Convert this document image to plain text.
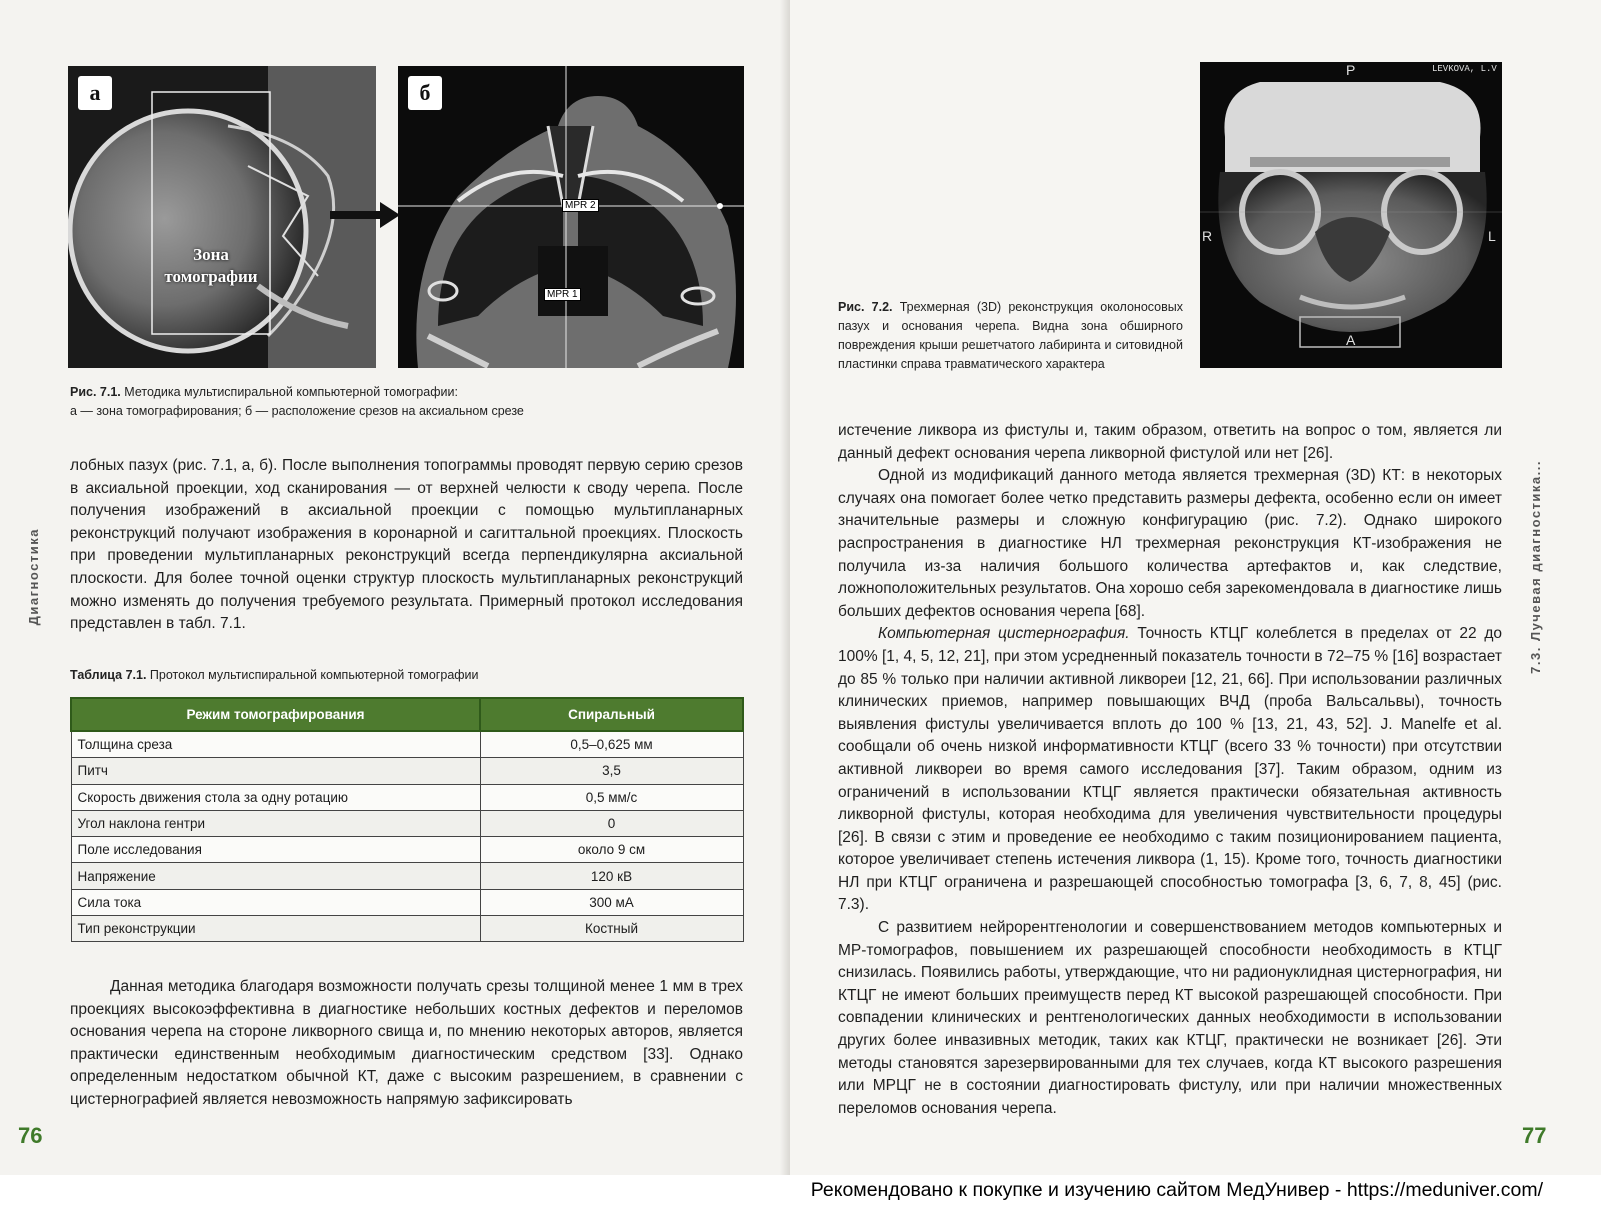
а
Зона томографии
б
MPR 2
MPR 1
Рис. 7.1. Методика мультиспиральной компьютерной томографии:
а — зона томографирования; б — расположение срезов на аксиальном срезе

лобных пазух (рис. 7.1, а, б). После выполнения топограммы проводят первую серию срезов в аксиальной проекции, ход сканирования — от верхней челюсти к своду черепа. После получения изображений в аксиальной проекции с помощью мультипланарных реконструкций получают изображения в коронарной и сагиттальной проекциях. Плоскость при проведении мультипланарных реконструкций всегда перпендикулярна аксиальной плоскости. Для более точной оценки структур плоскость мультипланарных реконструкций можно изменять до получения требуемого результата. Примерный протокол исследования представлен в табл. 7.1.

Диагностика
Таблица 7.1. Протокол мультиспиральной компьютерной томографии
Режим томографирования	Спиральный
Толщина среза	0,5–0,625 мм
Питч	3,5
Скорость движения стола за одну ротацию	0,5 мм/с
Угол наклона гентри	0
Поле исследования	около 9 см
Напряжение	120 кВ
Сила тока	300 мА
Тип реконструкции	Костный

Данная методика благодаря возможности получать срезы толщиной менее 1 мм в трех проекциях высокоэффективна в диагностике небольших костных дефектов и переломов основания черепа на стороне ликворного свища и, по мнению некоторых авторов, является практически единственным необходимым диагностическим средством [33]. Однако определенным недостатком обычной КТ, даже с высоким разрешением, в сравнении с цистернографией является невозможность напрямую зафиксировать

76
Рис. 7.2. Трехмерная (3D) реконструкция околоносовых пазух и основания черепа. Видна зона обширного повреждения крыши решетчатого лабиринта и ситовидной пластинки справа травматического характера
P
R	L
A
LEVKOVA, L.V

истечение ликвора из фистулы и, таким образом, ответить на вопрос о том, является ли данный дефект основания черепа ликворной фистулой или нет [26].

Одной из модификаций данного метода является трехмерная (3D) КТ: в некоторых случаях она помогает более четко представить размеры дефекта, особенно если он имеет значительные размеры и сложную конфигурацию (рис. 7.2). Однако широкого распространения в диагностике НЛ трехмерная реконструкция КТ-изображения не получила из-за наличия большого количества артефактов и, как следствие, ложноположительных результатов. Она хорошо себя зарекомендовала в диагностике лишь больших дефектов основания черепа [68].

Компьютерная цистернография. Точность КТЦГ колеблется в пределах от 22 до 100% [1, 4, 5, 12, 21], при этом усредненный показатель точности в 72–75 % [16] возрастает до 85 % только при наличии активной ликвореи [12, 21, 66]. При использовании различных клинических приемов, например повышающих ВЧД (проба Вальсальвы), точность выявления фистулы увеличивается вплоть до 100 % [13, 21, 43, 52]. J. Manelfe et al. сообщали об очень низкой информативности КТЦГ (всего 33 % точности) при отсутствии активной ликвореи во время самого исследования [37]. Таким образом, одним из ограничений в использовании КТЦГ является практически обязательная активность ликворной фистулы, которая необходима для увеличения чувствительности процедуры [26]. В связи с этим и проведение ее необходимо с таким позиционированием пациента, которое увеличивает степень истечения ликвора (1, 15). Кроме того, точность диагностики НЛ при КТЦГ ограничена и разрешающей способностью томографа [3, 6, 7, 8, 45] (рис. 7.3).

С развитием нейрорентгенологии и совершенствованием методов компьютерных и МР-томографов, повышением их разрешающей способности необходимость в КТЦГ снизилась. Появились работы, утверждающие, что ни радионуклидная цистернография, ни КТЦГ не имеют больших преимуществ перед КТ высокой разрешающей способности. При совпадении клинических и рентгенологических данных необходимости в использовании других более инвазивных методик, таких как КТЦГ, практически не возникает [26]. Эти методы становятся зарезервированными для тех случаев, когда КТ высокого разрешения или МРЦГ не в состоянии диагностировать фистулу, или при наличии множественных переломов основания черепа.

7.3. Лучевая диагностика...
77
Рекомендовано к покупке и изучению сайтом МедУнивер - https://meduniver.com/
